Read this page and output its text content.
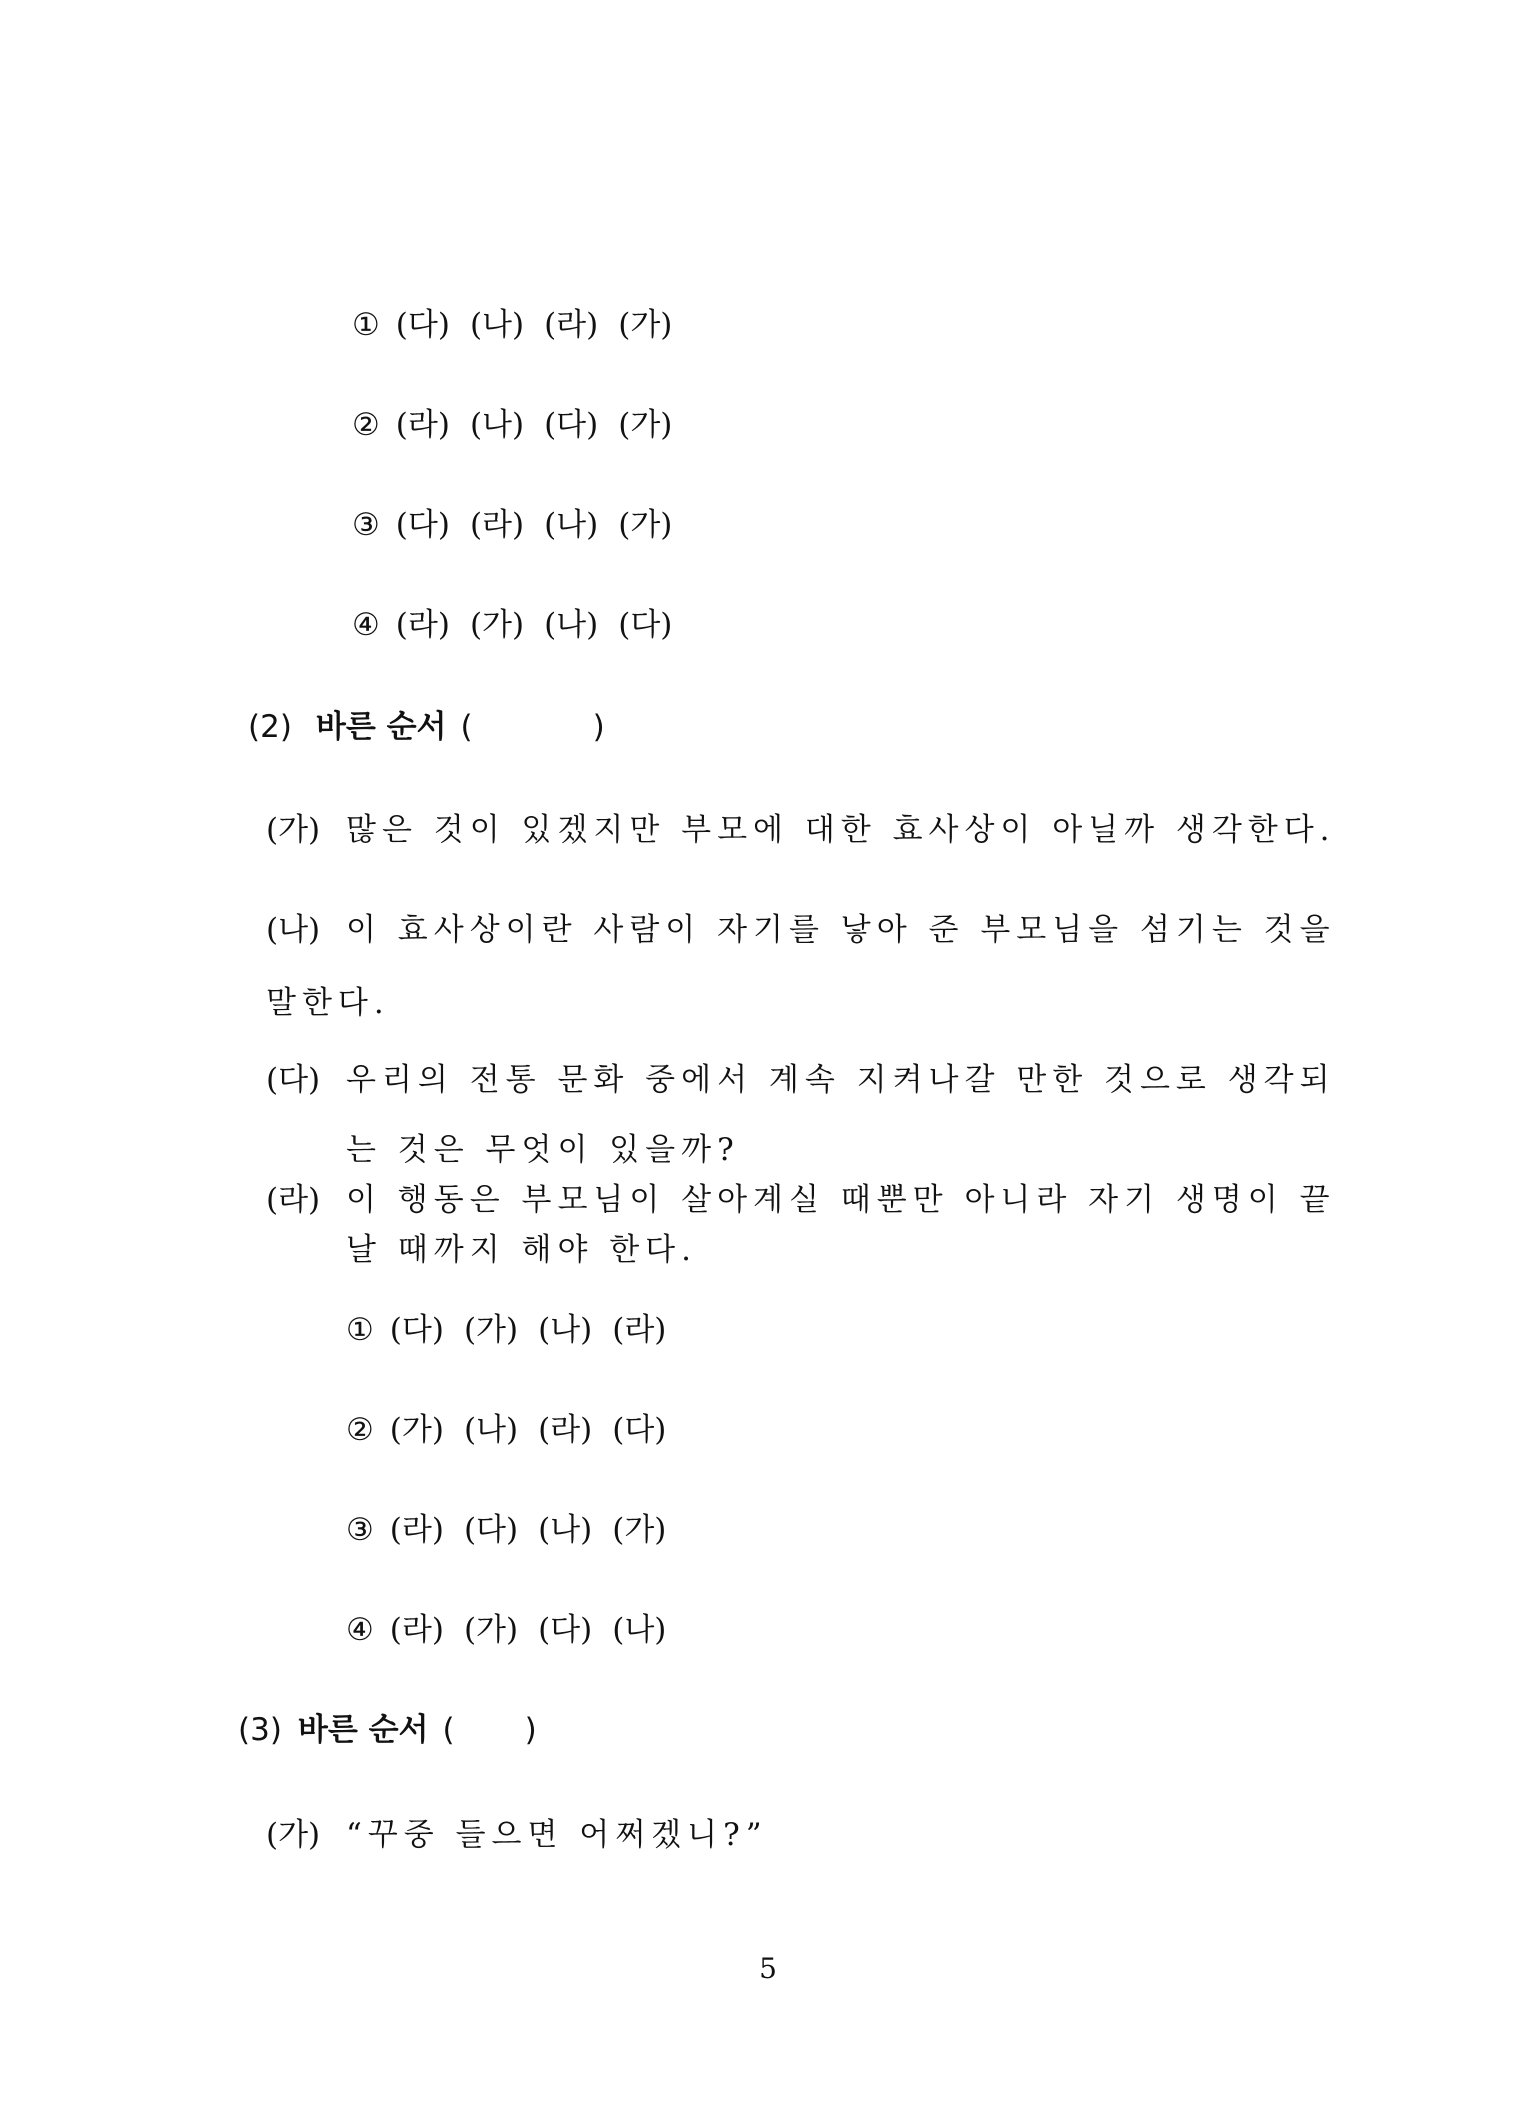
① (다) (나) (라) (가)
② (라) (나) (다) (가)
③ (다) (라) (나) (가)
④ (라) (가) (나) (다)
(2) 바른 순서 (	)
(가) 많은 것이 있겠지만 부모에 대한 효사상이 아닐까 생각한다.
(나) 이 효사상이란 사람이 자기를 낳아 준 부모님을 섬기는 것을
말한다.
(다) 우리의 전통 문화 중에서 계속 지켜나갈 만한 것으로 생각되
는 것은 무엇이 있을까?
(라) 이 행동은 부모님이 살아계실 때뿐만 아니라 자기 생명이 끝
날 때까지 해야 한다.
① (다) (가) (나) (라)
② (가) (나) (라) (다)
③ (라) (다) (나) (가)
④ (라) (가) (다) (나)
(3) 바른 순서 ( )
(가) “꾸중 들으면 어쩌겠니?”
5
